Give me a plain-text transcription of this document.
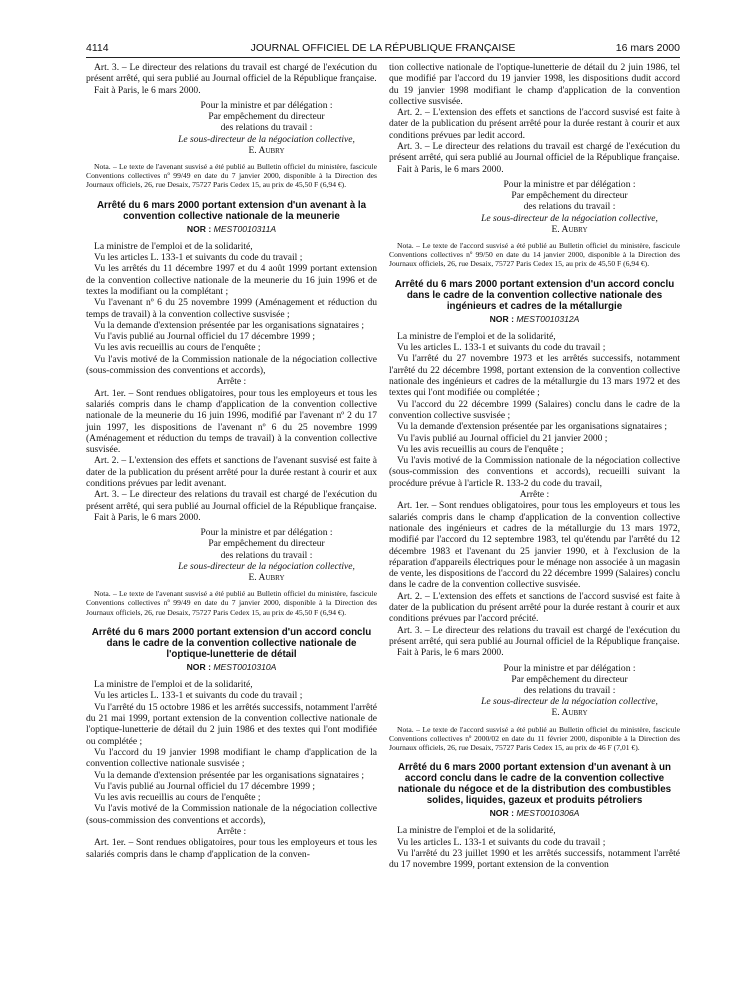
4114	JOURNAL OFFICIEL DE LA RÉPUBLIQUE FRANÇAISE	16 mars 2000

Art. 3. – Le directeur des relations du travail est chargé de l'exécution du présent arrêté, qui sera publié au Journal officiel de la République française.

Fait à Paris, le 6 mars 2000.

Pour la ministre et par délégation :
Par empêchement du directeur
des relations du travail :
Le sous-directeur de la négociation collective,
E. Aubry

Nota. – Le texte de l'avenant susvisé a été publié au Bulletin officiel du ministère, fascicule Conventions collectives nº 99/49 en date du 7 janvier 2000, disponible à la Direction des Journaux officiels, 26, rue Desaix, 75727 Paris Cedex 15, au prix de 45,50 F (6,94 €).

Arrêté du 6 mars 2000 portant extension d'un avenant à la convention collective nationale de la meunerie
NOR : MEST0010311A

La ministre de l'emploi et de la solidarité,

Vu les articles L. 133-1 et suivants du code du travail ;

Vu les arrêtés du 11 décembre 1997 et du 4 août 1999 portant extension de la convention collective nationale de la meunerie du 16 juin 1996 et de textes la modifiant ou la complétant ;

Vu l'avenant nº 6 du 25 novembre 1999 (Aménagement et réduction du temps de travail) à la convention collective susvisée ;

Vu la demande d'extension présentée par les organisations signataires ;

Vu l'avis publié au Journal officiel du 17 décembre 1999 ;

Vu les avis recueillis au cours de l'enquête ;

Vu l'avis motivé de la Commission nationale de la négociation collective (sous-commission des conventions et accords),

Arrête :

Art. 1er. – Sont rendues obligatoires, pour tous les employeurs et tous les salariés compris dans le champ d'application de la convention collective nationale de la meunerie du 16 juin 1996, modifié par l'avenant nº 2 du 17 juin 1997, les dispositions de l'avenant nº 6 du 25 novembre 1999 (Aménagement et réduction du temps de travail) à la convention collective susvisée.

Art. 2. – L'extension des effets et sanctions de l'avenant susvisé est faite à dater de la publication du présent arrêté pour la durée restant à courir et aux conditions prévues par ledit avenant.

Art. 3. – Le directeur des relations du travail est chargé de l'exécution du présent arrêté, qui sera publié au Journal officiel de la République française.

Fait à Paris, le 6 mars 2000.

Pour la ministre et par délégation :
Par empêchement du directeur
des relations du travail :
Le sous-directeur de la négociation collective,
E. Aubry

Nota. – Le texte de l'avenant susvisé a été publié au Bulletin officiel du ministère, fascicule Conventions collectives nº 99/49 en date du 7 janvier 2000, disponible à la Direction des Journaux officiels, 26, rue Desaix, 75727 Paris Cedex 15, au prix de 45,50 F (6,94 €).

Arrêté du 6 mars 2000 portant extension d'un accord conclu dans le cadre de la convention collective nationale de l'optique-lunetterie de détail
NOR : MEST0010310A

La ministre de l'emploi et de la solidarité,

Vu les articles L. 133-1 et suivants du code du travail ;

Vu l'arrêté du 15 octobre 1986 et les arrêtés successifs, notamment l'arrêté du 21 mai 1999, portant extension de la convention collective nationale de l'optique-lunetterie de détail du 2 juin 1986 et des textes qui l'ont modifiée ou complétée ;

Vu l'accord du 19 janvier 1998 modifiant le champ d'application de la convention collective nationale susvisée ;

Vu la demande d'extension présentée par les organisations signataires ;

Vu l'avis publié au Journal officiel du 17 décembre 1999 ;

Vu les avis recueillis au cours de l'enquête ;

Vu l'avis motivé de la Commission nationale de la négociation collective (sous-commission des conventions et accords),

Arrête :

Art. 1er. – Sont rendues obligatoires, pour tous les employeurs et tous les salariés compris dans le champ d'application de la conven-

tion collective nationale de l'optique-lunetterie de détail du 2 juin 1986, tel que modifié par l'accord du 19 janvier 1998, les dispositions dudit accord du 19 janvier 1998 modifiant le champ d'application de la convention collective susvisée.

Art. 2. – L'extension des effets et sanctions de l'accord susvisé est faite à dater de la publication du présent arrêté pour la durée restant à courir et aux conditions prévues par ledit accord.

Art. 3. – Le directeur des relations du travail est chargé de l'exécution du présent arrêté, qui sera publié au Journal officiel de la République française.

Fait à Paris, le 6 mars 2000.

Pour la ministre et par délégation :
Par empêchement du directeur
des relations du travail :
Le sous-directeur de la négociation collective,
E. Aubry

Nota. – Le texte de l'accord susvisé a été publié au Bulletin officiel du ministère, fascicule Conventions collectives nº 99/50 en date du 14 janvier 2000, disponible à la Direction des Journaux officiels, 26, rue Desaix, 75727 Paris Cedex 15, au prix de 45,50 F (6,94 €).

Arrêté du 6 mars 2000 portant extension d'un accord conclu dans le cadre de la convention collective nationale des ingénieurs et cadres de la métallurgie
NOR : MEST0010312A

La ministre de l'emploi et de la solidarité,

Vu les articles L. 133-1 et suivants du code du travail ;

Vu l'arrêté du 27 novembre 1973 et les arrêtés successifs, notamment l'arrêté du 22 décembre 1998, portant extension de la convention collective nationale des ingénieurs et cadres de la métallurgie du 13 mars 1972 et des textes qui l'ont modifiée ou complétée ;

Vu l'accord du 22 décembre 1999 (Salaires) conclu dans le cadre de la convention collective susvisée ;

Vu la demande d'extension présentée par les organisations signataires ;

Vu l'avis publié au Journal officiel du 21 janvier 2000 ;

Vu les avis recueillis au cours de l'enquête ;

Vu l'avis motivé de la Commission nationale de la négociation collective (sous-commission des conventions et accords), recueilli suivant la procédure prévue à l'article R. 133-2 du code du travail,

Arrête :

Art. 1er. – Sont rendues obligatoires, pour tous les employeurs et tous les salariés compris dans le champ d'application de la convention collective nationale des ingénieurs et cadres de la métallurgie du 13 mars 1972, modifié par l'accord du 12 septembre 1983, tel qu'étendu par l'arrêté du 12 décembre 1983 et l'avenant du 25 janvier 1990, et à l'exclusion de la réparation d'appareils électriques pour le ménage non associée à un magasin de vente, les dispositions de l'accord du 22 décembre 1999 (Salaires) conclu dans le cadre de la convention collective susvisée.

Art. 2. – L'extension des effets et sanctions de l'accord susvisé est faite à dater de la publication du présent arrêté pour la durée restant à courir et aux conditions prévues par l'accord précité.

Art. 3. – Le directeur des relations du travail est chargé de l'exécution du présent arrêté, qui sera publié au Journal officiel de la République française.

Fait à Paris, le 6 mars 2000.

Pour la ministre et par délégation :
Par empêchement du directeur
des relations du travail :
Le sous-directeur de la négociation collective,
E. Aubry

Nota. – Le texte de l'accord susvisé a été publié au Bulletin officiel du ministère, fascicule Conventions collectives nº 2000/02 en date du 11 février 2000, disponible à la Direction des Journaux officiels, 26, rue Desaix, 75727 Paris Cedex 15, au prix de 46 F (7,01 €).

Arrêté du 6 mars 2000 portant extension d'un avenant à un accord conclu dans le cadre de la convention collective nationale du négoce et de la distribution des combustibles solides, liquides, gazeux et produits pétroliers
NOR : MEST0010306A

La ministre de l'emploi et de la solidarité,

Vu les articles L. 133-1 et suivants du code du travail ;

Vu l'arrêté du 23 juillet 1990 et les arrêtés successifs, notamment l'arrêté du 17 novembre 1999, portant extension de la convention
